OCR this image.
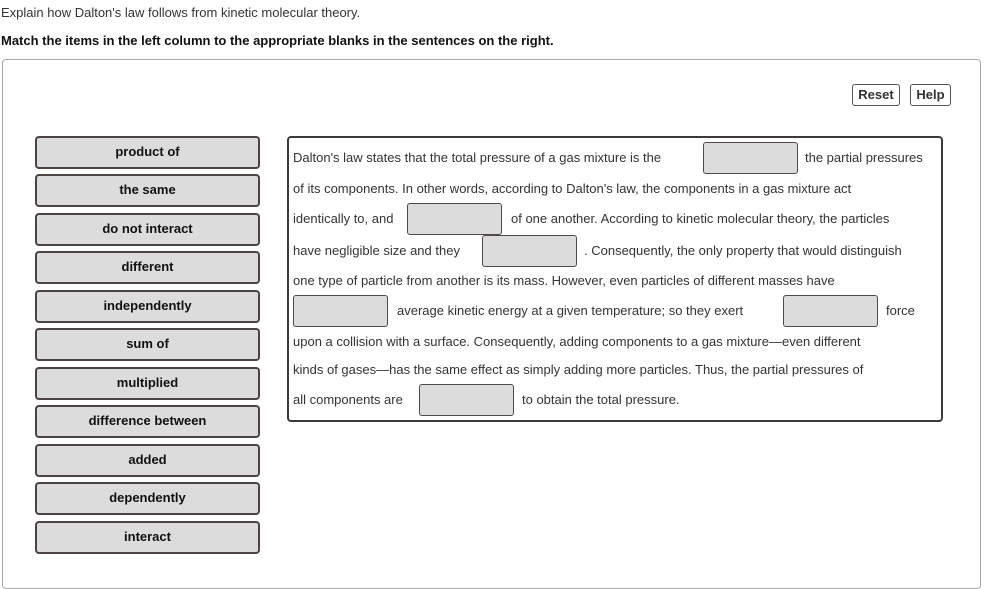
Explain how Dalton's law follows from kinetic molecular theory.
Match the items in the left column to the appropriate blanks in the sentences on the right.
Reset	Help
product of
the same
do not interact
different
independently
sum of
multiplied
difference between
added
dependently
interact
Dalton's law states that the total pressure of a gas mixture is the	the partial pressures
of its components. In other words, according to Dalton's law, the components in a gas mixture act
identically to, and	of one another. According to kinetic molecular theory, the particles
have negligible size and they	. Consequently, the only property that would distinguish
one type of particle from another is its mass. However, even particles of different masses have
average kinetic energy at a given temperature; so they exert	force
upon a collision with a surface. Consequently, adding components to a gas mixture—even different
kinds of gases—has the same effect as simply adding more particles. Thus, the partial pressures of
all components are	to obtain the total pressure.
